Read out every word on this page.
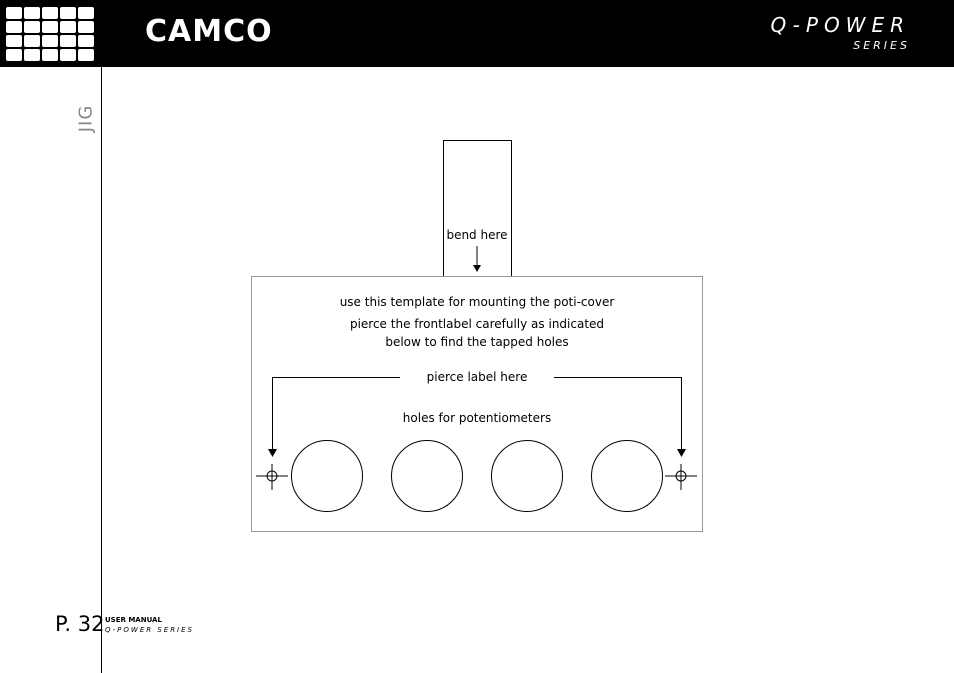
CAMCO	Q-POWER
SERIES
JIG
bend here
use this template for mounting the poti-cover
pierce the frontlabel carefully as indicated
below to find the tapped holes
pierce label here
holes for potentiometers
P. 32 USER MANUAL
Q-POWER SERIES
